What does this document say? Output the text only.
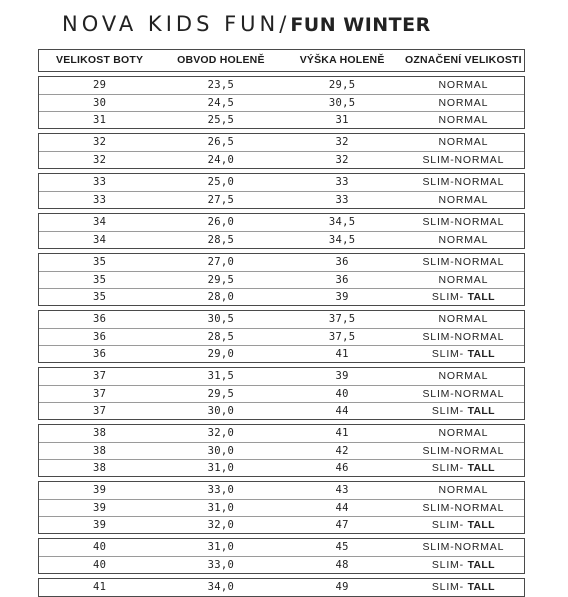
NOVA KIDS FUN/ FUN WINTER
VELIKOST BOTY	OBVOD HOLENĚ	VÝŠKA HOLENĚ	OZNAČENÍ VELIKOSTI
29	23,5	29,5	NORMAL
30	24,5	30,5	NORMAL
31	25,5	31	NORMAL
32	26,5	32	NORMAL
32	24,0	32	SLIM-NORMAL
33	25,0	33	SLIM-NORMAL
33	27,5	33	NORMAL
34	26,0	34,5	SLIM-NORMAL
34	28,5	34,5	NORMAL
35	27,0	36	SLIM-NORMAL
35	29,5	36	NORMAL
35	28,0	39	SLIM- TALL
36	30,5	37,5	NORMAL
36	28,5	37,5	SLIM-NORMAL
36	29,0	41	SLIM- TALL
37	31,5	39	NORMAL
37	29,5	40	SLIM-NORMAL
37	30,0	44	SLIM- TALL
38	32,0	41	NORMAL
38	30,0	42	SLIM-NORMAL
38	31,0	46	SLIM- TALL
39	33,0	43	NORMAL
39	31,0	44	SLIM-NORMAL
39	32,0	47	SLIM- TALL
40	31,0	45	SLIM-NORMAL
40	33,0	48	SLIM- TALL
41	34,0	49	SLIM- TALL
